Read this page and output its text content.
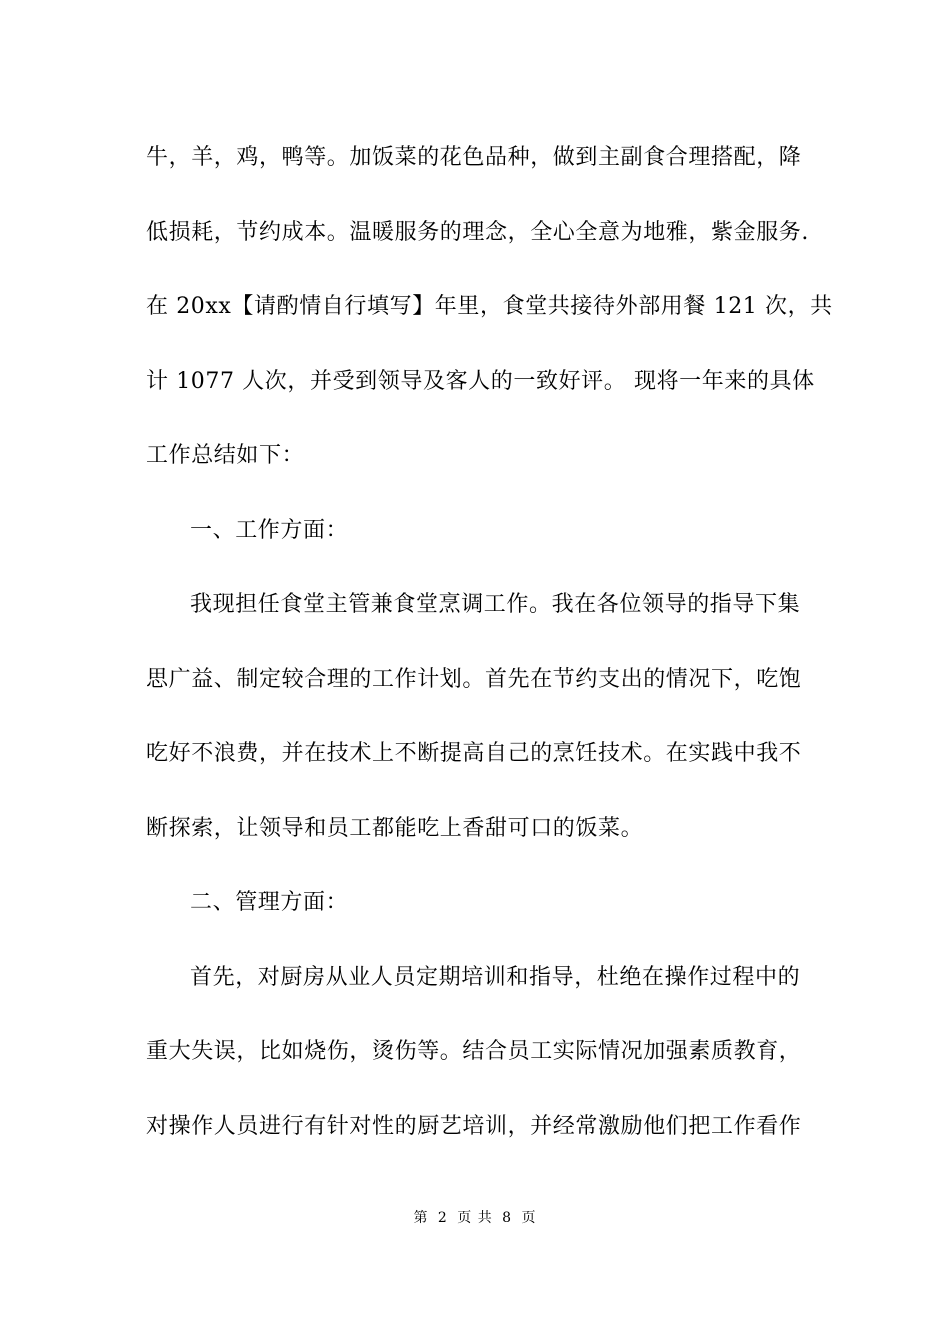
牛，羊，鸡，鸭等。加饭菜的花色品种，做到主副食合理搭配，降
低损耗，节约成本。温暖服务的理念，全心全意为地雅，紫金服务.
在 20xx【请酌情自行填写】年里，食堂共接待外部用餐 121 次，共
计 1077 人次，并受到领导及客人的一致好评。 现将一年来的具体
工作总结如下：
一、工作方面：
我现担任食堂主管兼食堂烹调工作。我在各位领导的指导下集
思广益、制定较合理的工作计划。首先在节约支出的情况下，吃饱
吃好不浪费，并在技术上不断提高自己的烹饪技术。在实践中我不
断探索，让领导和员工都能吃上香甜可口的饭菜。
二、管理方面：
首先，对厨房从业人员定期培训和指导，杜绝在操作过程中的
重大失误，比如烧伤，烫伤等。结合员工实际情况加强素质教育，
对操作人员进行有针对性的厨艺培训，并经常激励他们把工作看作
第 2 页 共 8 页
